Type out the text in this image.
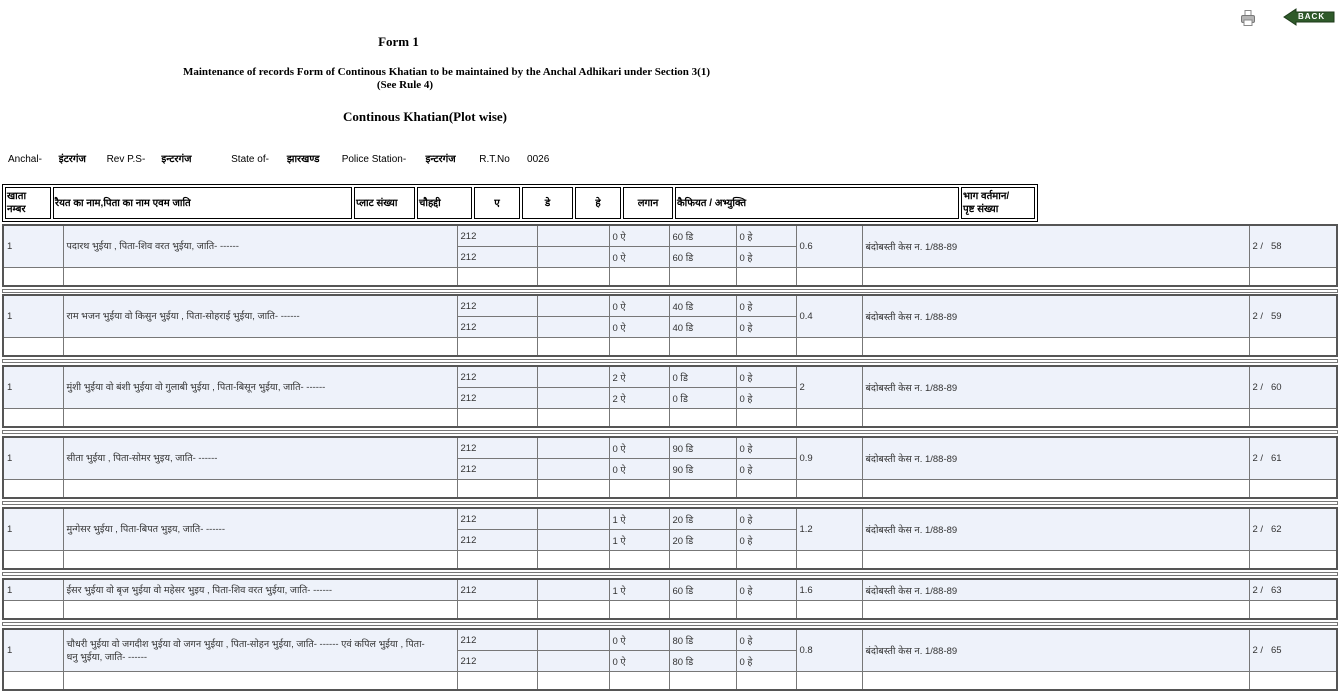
Form 1
Maintenance of records Form of Continous Khatian to be maintained by the Anchal Adhikari under Section 3(1)
(See Rule 4)
Continous Khatian(Plot wise)
BACK
Anchal- इंटरगंज Rev P.S- इन्टरगंज	State of- झारखण्ड Police Station- इन्टरगंज R.T.No 0026
खाता
नम्बर	रैयत का नाम,पिता का नाम एवम जाति	प्लाट संख्या	चौहद्दी	ए	डे	हे	लगान	कैफियत / अभ्युक्ति	भाग वर्तमान/
पृष्ट संख्या
1	पदारथ भुईया , पिता-शिव वरत भुईया, जाति- ------	212		0 ऐ	60 डि	0 हे	0.6	बंदोबस्ती केस न. 1/88-89	2 /   58
		212		0 ऐ	60 डि	0 हे			

1	राम भजन भुईया वो किसुन भुईया , पिता-सोहराई भुईया, जाति- ------	212		0 ऐ	40 डि	0 हे	0.4	बंदोबस्ती केस न. 1/88-89	2 /   59
		212		0 ऐ	40 डि	0 हे			

1	मुंशी भुईया वो बंशी भुईया वो गुलाबी भुईया , पिता-बिसून भुईया, जाति- ------	212		2 ऐ	0 डि	0 हे	2	बंदोबस्ती केस न. 1/88-89	2 /   60
		212		2 ऐ	0 डि	0 हे			

1	सीता भुईया , पिता-सोमर भुइय, जाति- ------	212		0 ऐ	90 डि	0 हे	0.9	बंदोबस्ती केस न. 1/88-89	2 /   61
		212		0 ऐ	90 डि	0 हे			

1	मुन्गेसर भुईया , पिता-बिपत भुइय, जाति- ------	212		1 ऐ	20 डि	0 हे	1.2	बंदोबस्ती केस न. 1/88-89	2 /   62
		212		1 ऐ	20 डि	0 हे			

1	ईसर भुईया वो बृज भुईया वो महेसर भुइय , पिता-शिव वरत भुईया, जाति- ------	212		1 ऐ	60 डि	0 हे	1.6	बंदोबस्ती केस न. 1/88-89	2 /   63

1	चौधरी भुईया वो जगदीश भुईया वो जगन भुईया , पिता-सोहन भुईया, जाति- ------ एवं कपिल भुईया , पिता-
धनु भुईया, जाति- ------	212		0 ऐ	80 डि	0 हे	0.8	बंदोबस्ती केस न. 1/88-89	2 /   65
		212		0 ऐ	80 डि	0 हे			
